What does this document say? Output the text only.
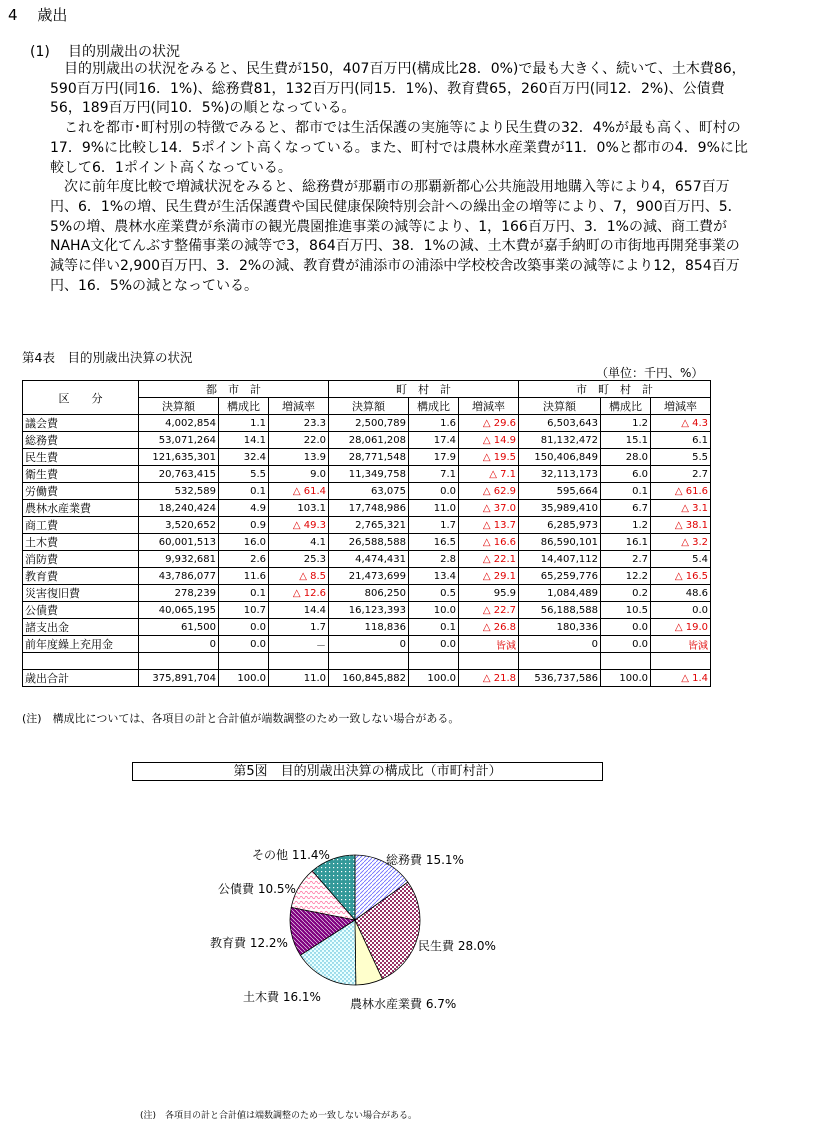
4  歳出
(1) 目的別歳出の状況

目的別歳出の状況をみると、民生費が150，407百万円(構成比28．0%)で最も大きく、続いて、土木費86，590百万円(同16．1%)、総務費81，132百万円(同15．1%)、教育費65，260百万円(同12．2%)、公債費56，189百万円(同10．5%)の順となっている。

これを都市･町村別の特徴でみると、都市では生活保護の実施等により民生費の32．4%が最も高く、町村の17．9%に比較し14．5ポイント高くなっている。また、町村では農林水産業費が11．0%と都市の4．9%に比較して6．1ポイント高くなっている。

次に前年度比較で増減状況をみると、総務費が那覇市の那覇新都心公共施設用地購入等により4，657百万円、6．1%の増、民生費が生活保護費や国民健康保険特別会計への繰出金の増等により、7，900百万円、5．5%の増、農林水産業費が糸満市の観光農園推進事業の減等により、1，166百万円、3．1%の減、商工費がNAHA文化てんぶす整備事業の減等で3，864百万円、38．1%の減、土木費が嘉手納町の市街地再開発事業の減等に伴い2,900百万円、3．2%の減、教育費が浦添市の浦添中学校校舎改築事業の減等により12，854百万円、16．5%の減となっている。

第4表　目的別歳出決算の状況
（単位：千円、%）
区　　分	都　市　計			町　村　計			市　町　村　計		
	決算額	構成比	増減率	決算額	構成比	増減率	決算額	構成比	増減率
議会費	4,002,854	1.1	23.3	2,500,789	1.6	△ 29.6	6,503,643	1.2	△ 4.3
総務費	53,071,264	14.1	22.0	28,061,208	17.4	△ 14.9	81,132,472	15.1	6.1
民生費	121,635,301	32.4	13.9	28,771,548	17.9	△ 19.5	150,406,849	28.0	5.5
衛生費	20,763,415	5.5	9.0	11,349,758	7.1	△ 7.1	32,113,173	6.0	2.7
労働費	532,589	0.1	△ 61.4	63,075	0.0	△ 62.9	595,664	0.1	△ 61.6
農林水産業費	18,240,424	4.9	103.1	17,748,986	11.0	△ 37.0	35,989,410	6.7	△ 3.1
商工費	3,520,652	0.9	△ 49.3	2,765,321	1.7	△ 13.7	6,285,973	1.2	△ 38.1
土木費	60,001,513	16.0	4.1	26,588,588	16.5	△ 16.6	86,590,101	16.1	△ 3.2
消防費	9,932,681	2.6	25.3	4,474,431	2.8	△ 22.1	14,407,112	2.7	5.4
教育費	43,786,077	11.6	△ 8.5	21,473,699	13.4	△ 29.1	65,259,776	12.2	△ 16.5
災害復旧費	278,239	0.1	△ 12.6	806,250	0.5	95.9	1,084,489	0.2	48.6
公債費	40,065,195	10.7	14.4	16,123,393	10.0	△ 22.7	56,188,588	10.5	0.0
諸支出金	61,500	0.0	1.7	118,836	0.1	△ 26.8	180,336	0.0	△ 19.0
前年度繰上充用金	0	0.0	－	0	0.0	皆減	0	0.0	皆減

歳出合計	375,891,704	100.0	11.0	160,845,882	100.0	△ 21.8	536,737,586	100.0	△ 1.4
(注)　構成比については、各項目の計と合計値が端数調整のため一致しない場合がある。
第5図　目的別歳出決算の構成比（市町村計）
総務費 15.1%
民生費 28.0%
農林水産業費 6.7%
土木費 16.1%
教育費 12.2%
公債費 10.5%
その他 11.4%
(注)　各項目の計と合計値は端数調整のため一致しない場合がある。
